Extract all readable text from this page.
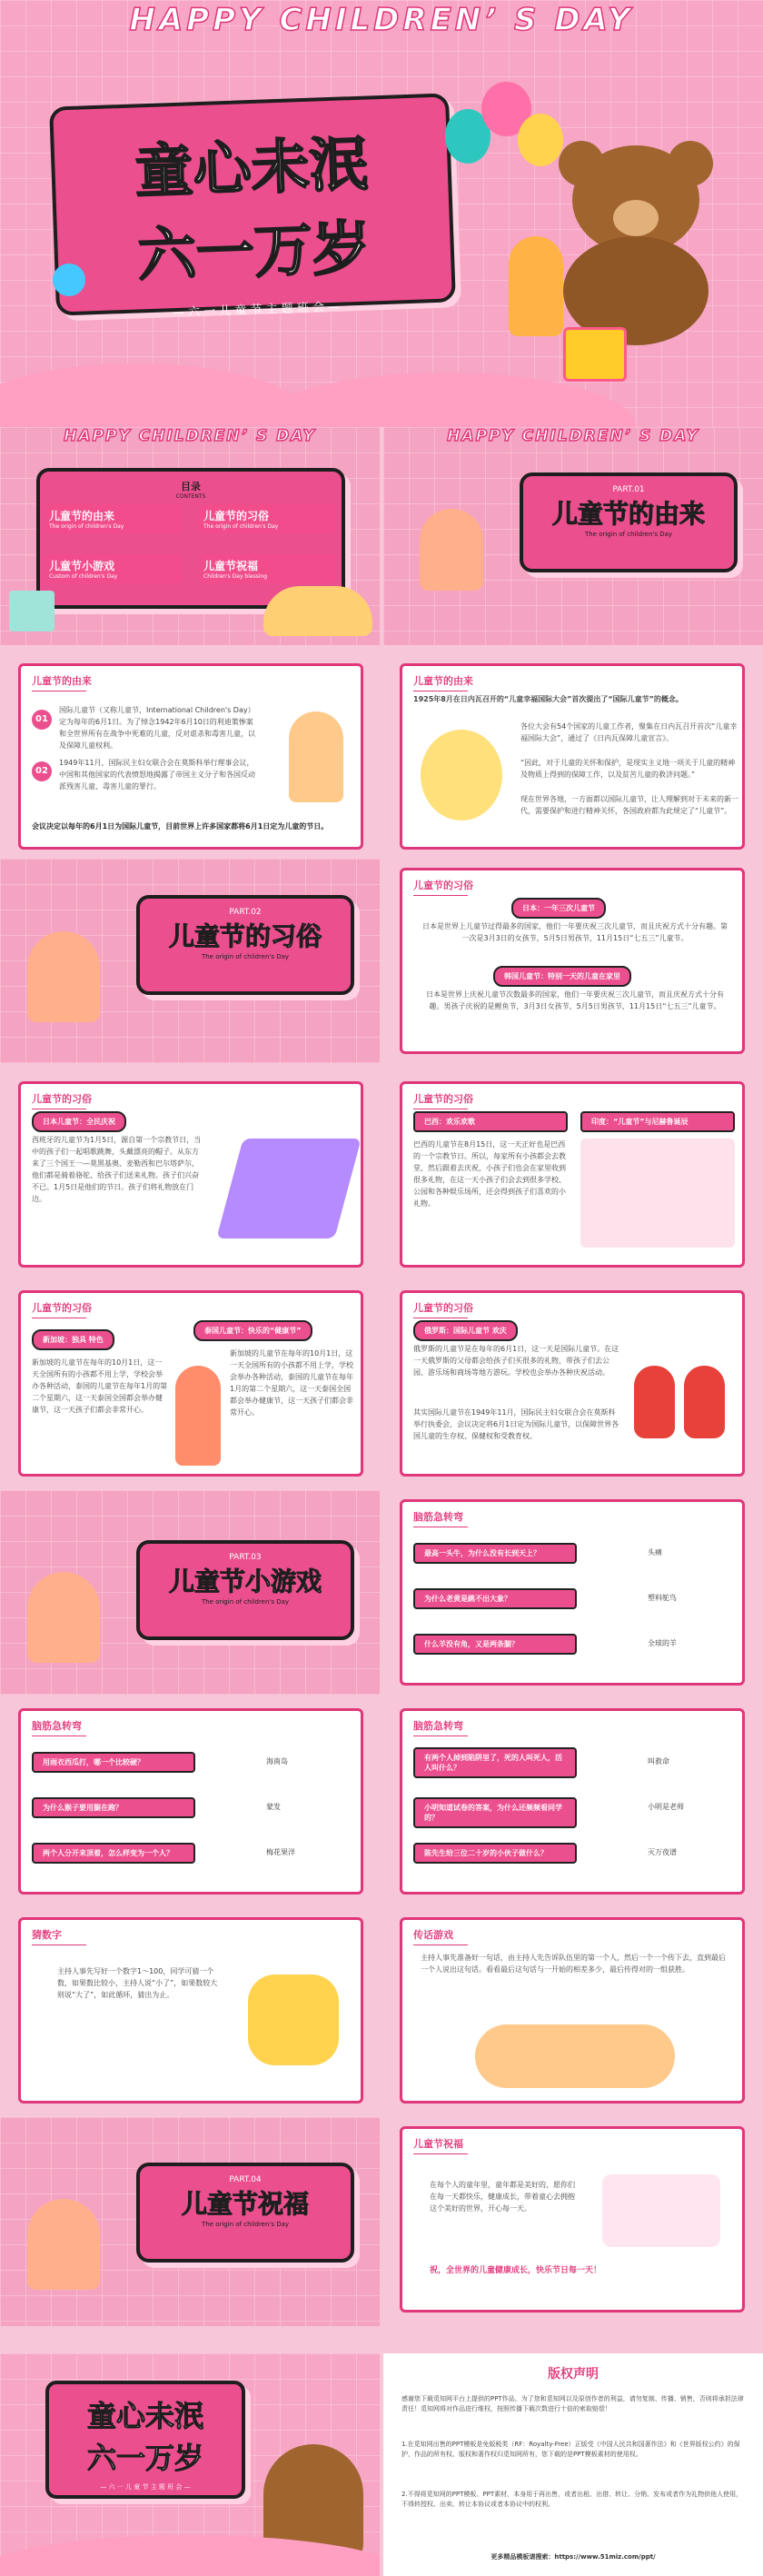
HAPPY CHILDREN’ S DAY
童心未泯
六一万岁
— 六 一 儿 童 节 主 题 班 会 —
HAPPY CHILDREN’ S DAY
目录
CONTENTS
儿童节的由来
The origin of children's Day
儿童节的习俗
The origin of children's Day
儿童节小游戏
Custom of children's Day
儿童节祝福
Children's Day blessing
HAPPY CHILDREN’ S DAY
PART.01
儿童节的由来
The origin of children's Day
儿童节的由来
01
国际儿童节（又称儿童节，International Children's Day）定为每年的6月1日。为了悼念1942年6月10日的利迪策惨案和全世界所有在战争中死难的儿童，反对虐杀和毒害儿童，以及保障儿童权利。
02
1949年11月，国际民主妇女联合会在莫斯科举行理事会议，中国和其他国家的代表愤怒地揭露了帝国主义分子和各国反动派残害儿童、毒害儿童的罪行。
会议决定以每年的6月1日为国际儿童节，目前世界上许多国家都将6月1日定为儿童的节日。
儿童节的由来
1925年8月在日内瓦召开的“儿童幸福国际大会”首次提出了“国际儿童节”的概念。
各位大会有54个国家的儿童工作者，聚集在日内瓦召开首次“儿童幸福国际大会”，通过了《日内瓦保障儿童宣言》。
“因此，对于儿童的关怀和保护，是现实主义地一项关于儿童的精神及物质上得到的保障工作，以及贫苦儿童的救济问题。”
现在世界各地，一方面都以国际儿童节，让人理解到对于未来的新一代，需要保护和进行精神关怀，各国政府都为此规定了“儿童节”。
PART.02
儿童节的习俗
The origin of children's Day
儿童节的习俗
日本：一年三次儿童节
日本是世界上儿童节过得最多的国家，他们一年要庆祝三次儿童节，而且庆祝方式十分有趣。第一次是3月3日的女孩节，5月5日男孩节，11月15日“七五三”儿童节。
韩国儿童节：特别一天的儿童在家里
日本是世界上庆祝儿童节次数最多的国家，他们一年要庆祝三次儿童节，而且庆祝方式十分有趣。男孩子庆祝的是鲤鱼节，3月3日女孩节，5月5日男孩节，11月15日“七五三”儿童节。
儿童节的习俗
日本儿童节：全民庆祝
西班牙的儿童节为1月5日，源自第一个宗教节日，当中的孩子们一起唱歌跳舞，头戴漂亮的帽子。从东方来了三个国王一—莫黑基奥、麦勒西和巴尔塔萨尔，他们都是骑着骆驼、给孩子们送来礼物。孩子们兴奋不已。1月5日是他们的节日。孩子们将礼物放在门边。
儿童节的习俗
巴西：欢乐欢歌	印度：“儿童节”与尼赫鲁诞辰
巴西的儿童节在8月15日，这一天正好也是巴西的一个宗教节日。所以，每家所有小孩都会去教堂，然后跟着去庆祝，小孩子们也会在家里收到很多礼物，在这一天小孩子们会去到很多学校、公园和各种娱乐场所，还会得到孩子们喜欢的小礼物。
儿童节的习俗
新加坡：独具 特色
泰国儿童节：快乐的“健康节”
新加坡的儿童节在每年的10月1日，这一天全国所有的小孩都不用上学，学校会举办各种活动，泰国的儿童节在每年1月的第二个星期六，这一天泰国全国都会举办健康节，这一天孩子们都会非常开心。
新加坡的儿童节在每年的10月1日，这一天全国所有的小孩都不用上学，学校会举办各种活动，泰国的儿童节在每年1月的第二个星期六，这一天泰国全国都会举办健康节，这一天孩子们都会非常开心。
儿童节的习俗
俄罗斯：国际儿童节 欢庆
俄罗斯的儿童节是在每年的6月1日，这一天是国际儿童节。在这一天俄罗斯的父母都会给孩子们买很多的礼物，带孩子们去公园、游乐场和商场等地方游玩。学校也会举办各种庆祝活动。
其实国际儿童节在1949年11月，国际民主妇女联合会在莫斯科举行执委会，会议决定将6月1日定为国际儿童节，以保障世界各国儿童的生存权、保健权和受教育权。
PART.03
儿童节小游戏
The origin of children's Day
脑筋急转弯
最高一头牛，为什么没有长到天上？
为什么老黄是跳不出大象？
什么羊没有角，又是两条腿？
头痛
塑料鸵鸟
全球的羊
脑筋急转弯
用雨衣西瓜打，哪一个比较硬？
为什么猴子要用腿在跑？
两个人分开来顶着，怎么样变为一个人？
海南岛
蒙发
梅花果洋
脑筋急转弯
有两个人掉到陷阱里了，死的人叫死人，活人叫什么？
小明知道试卷的答案，为什么还频频看同学的？
陈先生给三位二十岁的小伙子做什么？
叫救命
小明是老师
灭万夜谱
猜数字
主持人事先写好一个数字1～100，同学可猜一个数，如果数比较小，主持人说“小了”，如果数较大则说“大了”，如此循环，猜出为止。
传话游戏
主持人事先准备好一句话，由主持人先告诉队伍里的第一个人，然后一个一个传下去，直到最后一个人说出这句话。看看最后这句话与一开始的相差多少，最后传得对的一组获胜。
PART.04
儿童节祝福
The origin of children's Day
儿童节祝福
在每个人的童年里，童年都是美好的，愿你们在每一天都快乐，健康成长，带着童心去拥抱这个美好的世界，开心每一天。
祝，全世界的儿童健康成长，快乐节日每一天！
童心未泯
六一万岁
— 六 一 儿 童 节 主 题 班 会 —
版权声明
感谢您下载觅知网平台上提供的PPT作品，为了您和觅知网以及原创作者的利益，请勿复制、传播、销售，否则将承担法律责任！觅知网将对作品进行维权，按照传播下载次数进行十倍的索取赔偿！
1.在觅知网出售的PPT模板是免版税类（RF：Royalty-Free）正版受《中国人民共和国著作法》和《世界版权公约》的保护，作品的所有权、版权和著作权归觅知网所有，您下载的是PPT模板素材的使用权。
2.不得将觅知网的PPT模板、PPT素材，本身用于再出售，或者出租、出借、转让、分销、发布或者作为礼物供他人使用，不得转授权、出卖、转让本协议或者本协议中的权利。
更多精品模板请搜索：https://www.51miz.com/ppt/
